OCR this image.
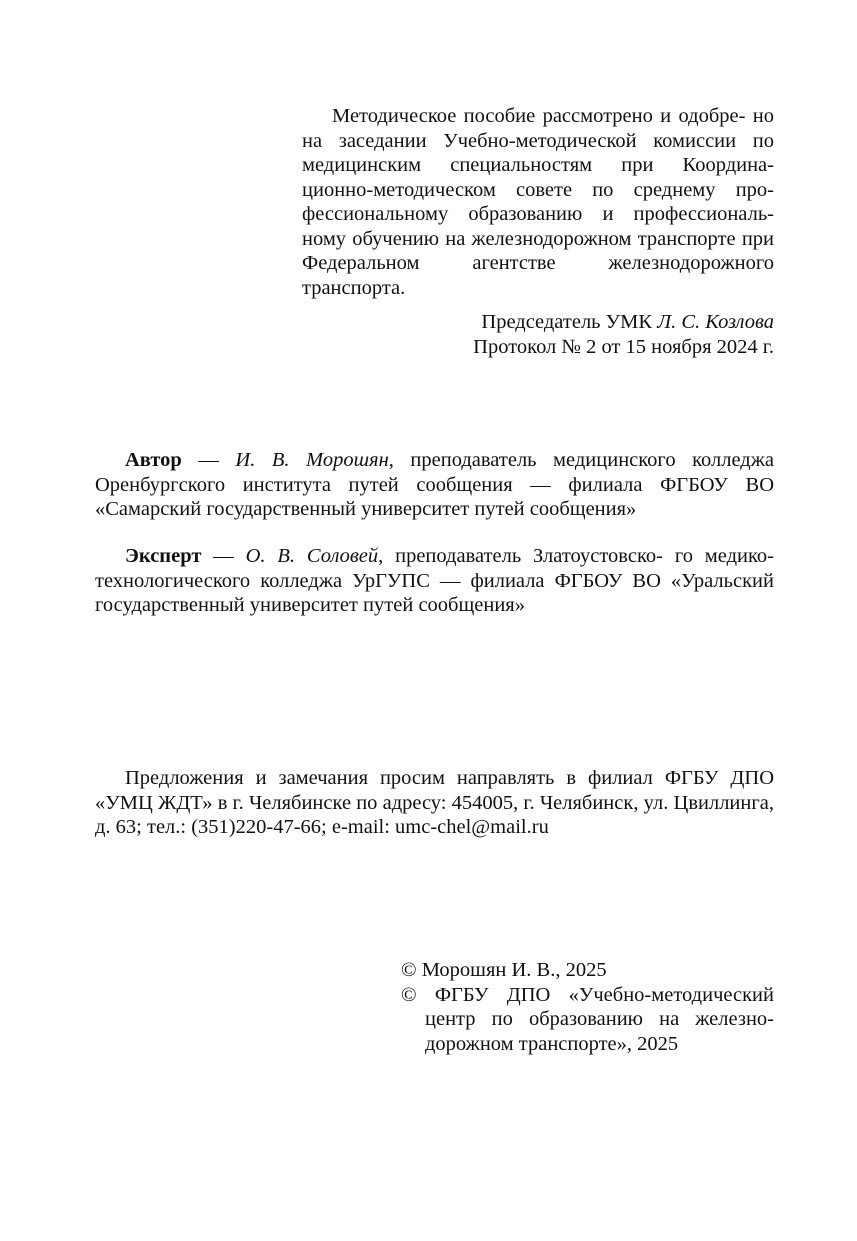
Методическое пособие рассмотрено и одобре- но на заседании Учебно-методической комиссии по медицинским специальностям при Координа- ционно-методическом совете по среднему про- фессиональному образованию и профессиональ- ному обучению на железнодорожном транспорте при Федеральном агентстве железнодорожного транспорта.

Председатель УМК Л. С. Козлова

Протокол № 2 от 15 ноября 2024 г.

Автор — И. В. Морошян, преподаватель медицинского колледжа Оренбургского института путей сообщения — филиала ФГБОУ ВО «Самарский государственный университет путей сообщения»

Эксперт — О. В. Соловей, преподаватель Златоустовско- го медико-технологического колледжа УрГУПС — филиала ФГБОУ ВО «Уральский государственный университет путей сообщения»

Предложения и замечания просим направлять в филиал ФГБУ ДПО «УМЦ ЖДТ» в г. Челябинске по адресу: 454005, г. Челябинск, ул. Цвиллинга, д. 63; тел.: (351)220-47-66; e-mail: umc-chel@mail.ru

© Морошян И. В., 2025

© ФГБУ ДПО «Учебно-методический центр по образованию на железно- дорожном транспорте», 2025
